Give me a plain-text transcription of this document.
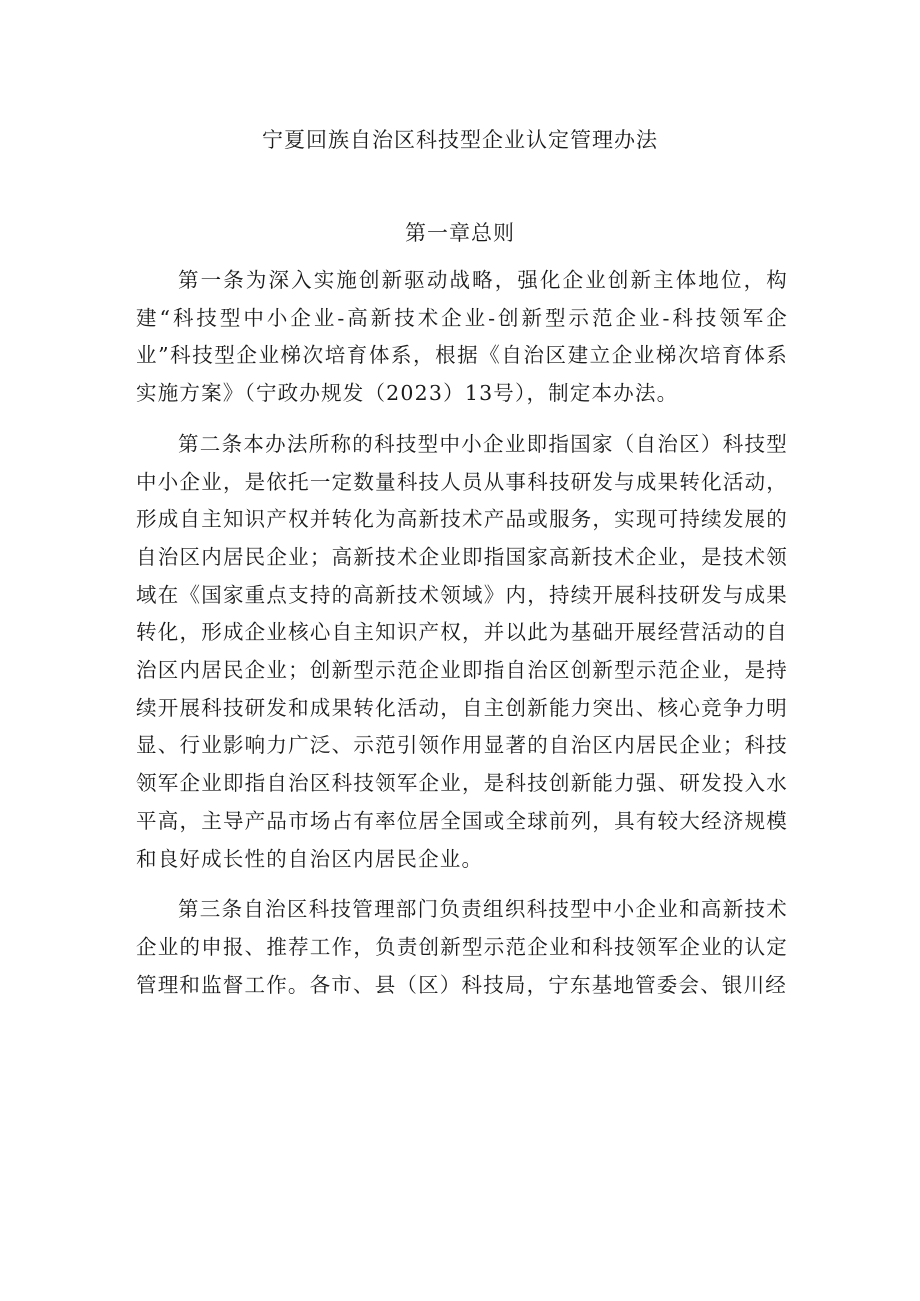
宁夏回族自治区科技型企业认定管理办法
第一章总则

第一条为深入实施创新驱动战略，强化企业创新主体地位，构建“科技型中小企业-高新技术企业-创新型示范企业-科技领军企业”科技型企业梯次培育体系，根据《自治区建立企业梯次培育体系实施方案》（宁政办规发（2023）13号），制定本办法。

第二条本办法所称的科技型中小企业即指国家（自治区）科技型中小企业，是依托一定数量科技人员从事科技研发与成果转化活动，形成自主知识产权并转化为高新技术产品或服务，实现可持续发展的自治区内居民企业；高新技术企业即指国家高新技术企业，是技术领域在《国家重点支持的高新技术领域》内，持续开展科技研发与成果转化，形成企业核心自主知识产权，并以此为基础开展经营活动的自治区内居民企业；创新型示范企业即指自治区创新型示范企业，是持续开展科技研发和成果转化活动，自主创新能力突出、核心竞争力明显、行业影响力广泛、示范引领作用显著的自治区内居民企业；科技领军企业即指自治区科技领军企业，是科技创新能力强、研发投入水平高，主导产品市场占有率位居全国或全球前列，具有较大经济规模和良好成长性的自治区内居民企业。

第三条自治区科技管理部门负责组织科技型中小企业和高新技术企业的申报、推荐工作，负责创新型示范企业和科技领军企业的认定管理和监督工作。各市、县（区）科技局，宁东基地管委会、银川经
